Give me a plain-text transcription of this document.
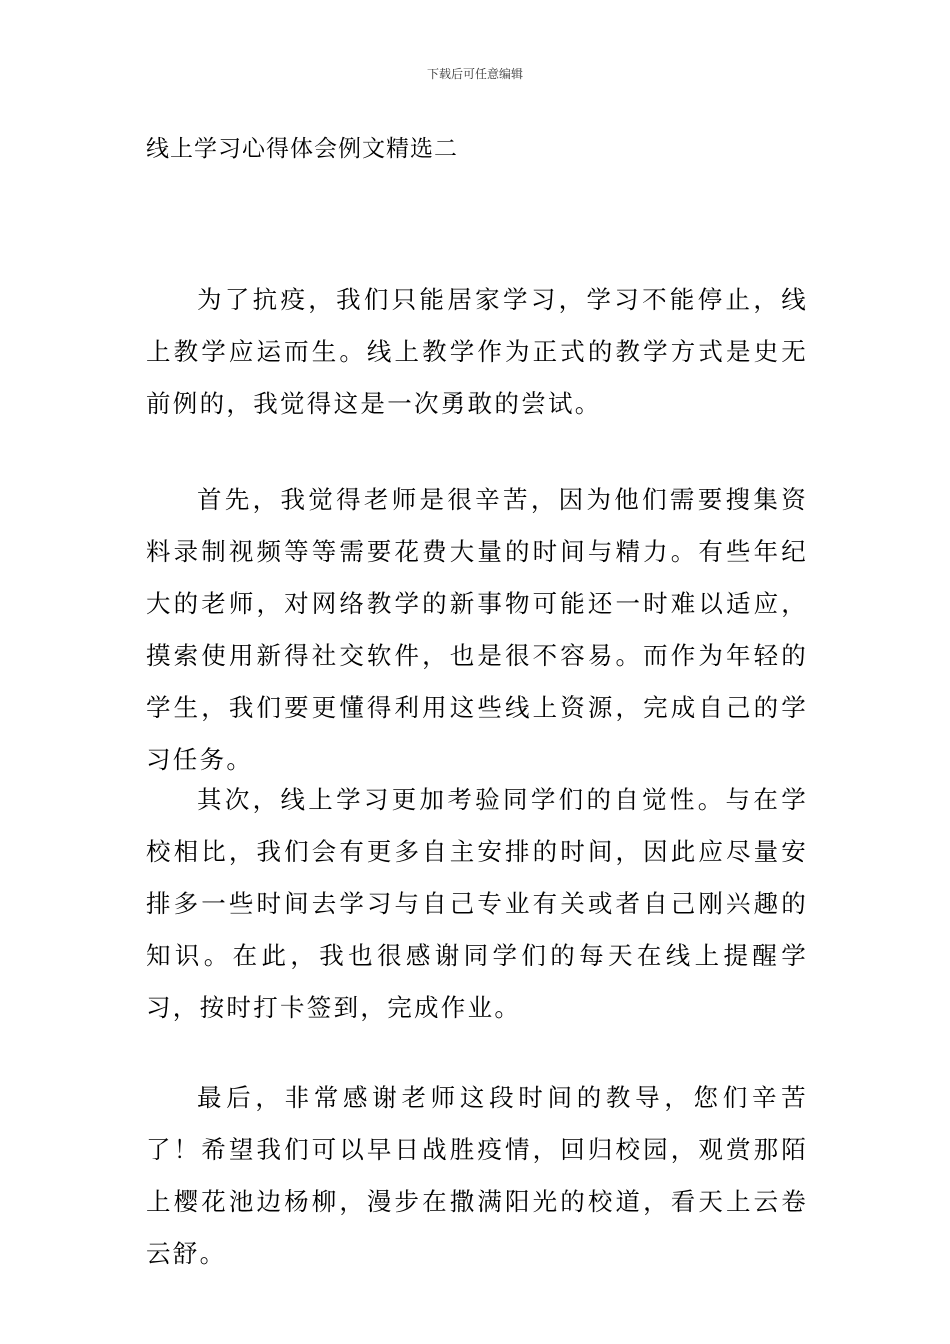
下载后可任意编辑
线上学习心得体会例文精选二

为了抗疫，我们只能居家学习，学习不能停止，线上教学应运而生。线上教学作为正式的教学方式是史无前例的，我觉得这是一次勇敢的尝试。

首先，我觉得老师是很辛苦，因为他们需要搜集资料录制视频等等需要花费大量的时间与精力。有些年纪大的老师，对网络教学的新事物可能还一时难以适应，摸索使用新得社交软件，也是很不容易。而作为年轻的学生，我们要更懂得利用这些线上资源，完成自己的学习任务。

其次，线上学习更加考验同学们的自觉性。与在学校相比，我们会有更多自主安排的时间，因此应尽量安排多一些时间去学习与自己专业有关或者自己刚兴趣的知识。在此，我也很感谢同学们的每天在线上提醒学习，按时打卡签到，完成作业。

最后，非常感谢老师这段时间的教导，您们辛苦了！希望我们可以早日战胜疫情，回归校园，观赏那陌上樱花池边杨柳，漫步在撒满阳光的校道，看天上云卷云舒。
